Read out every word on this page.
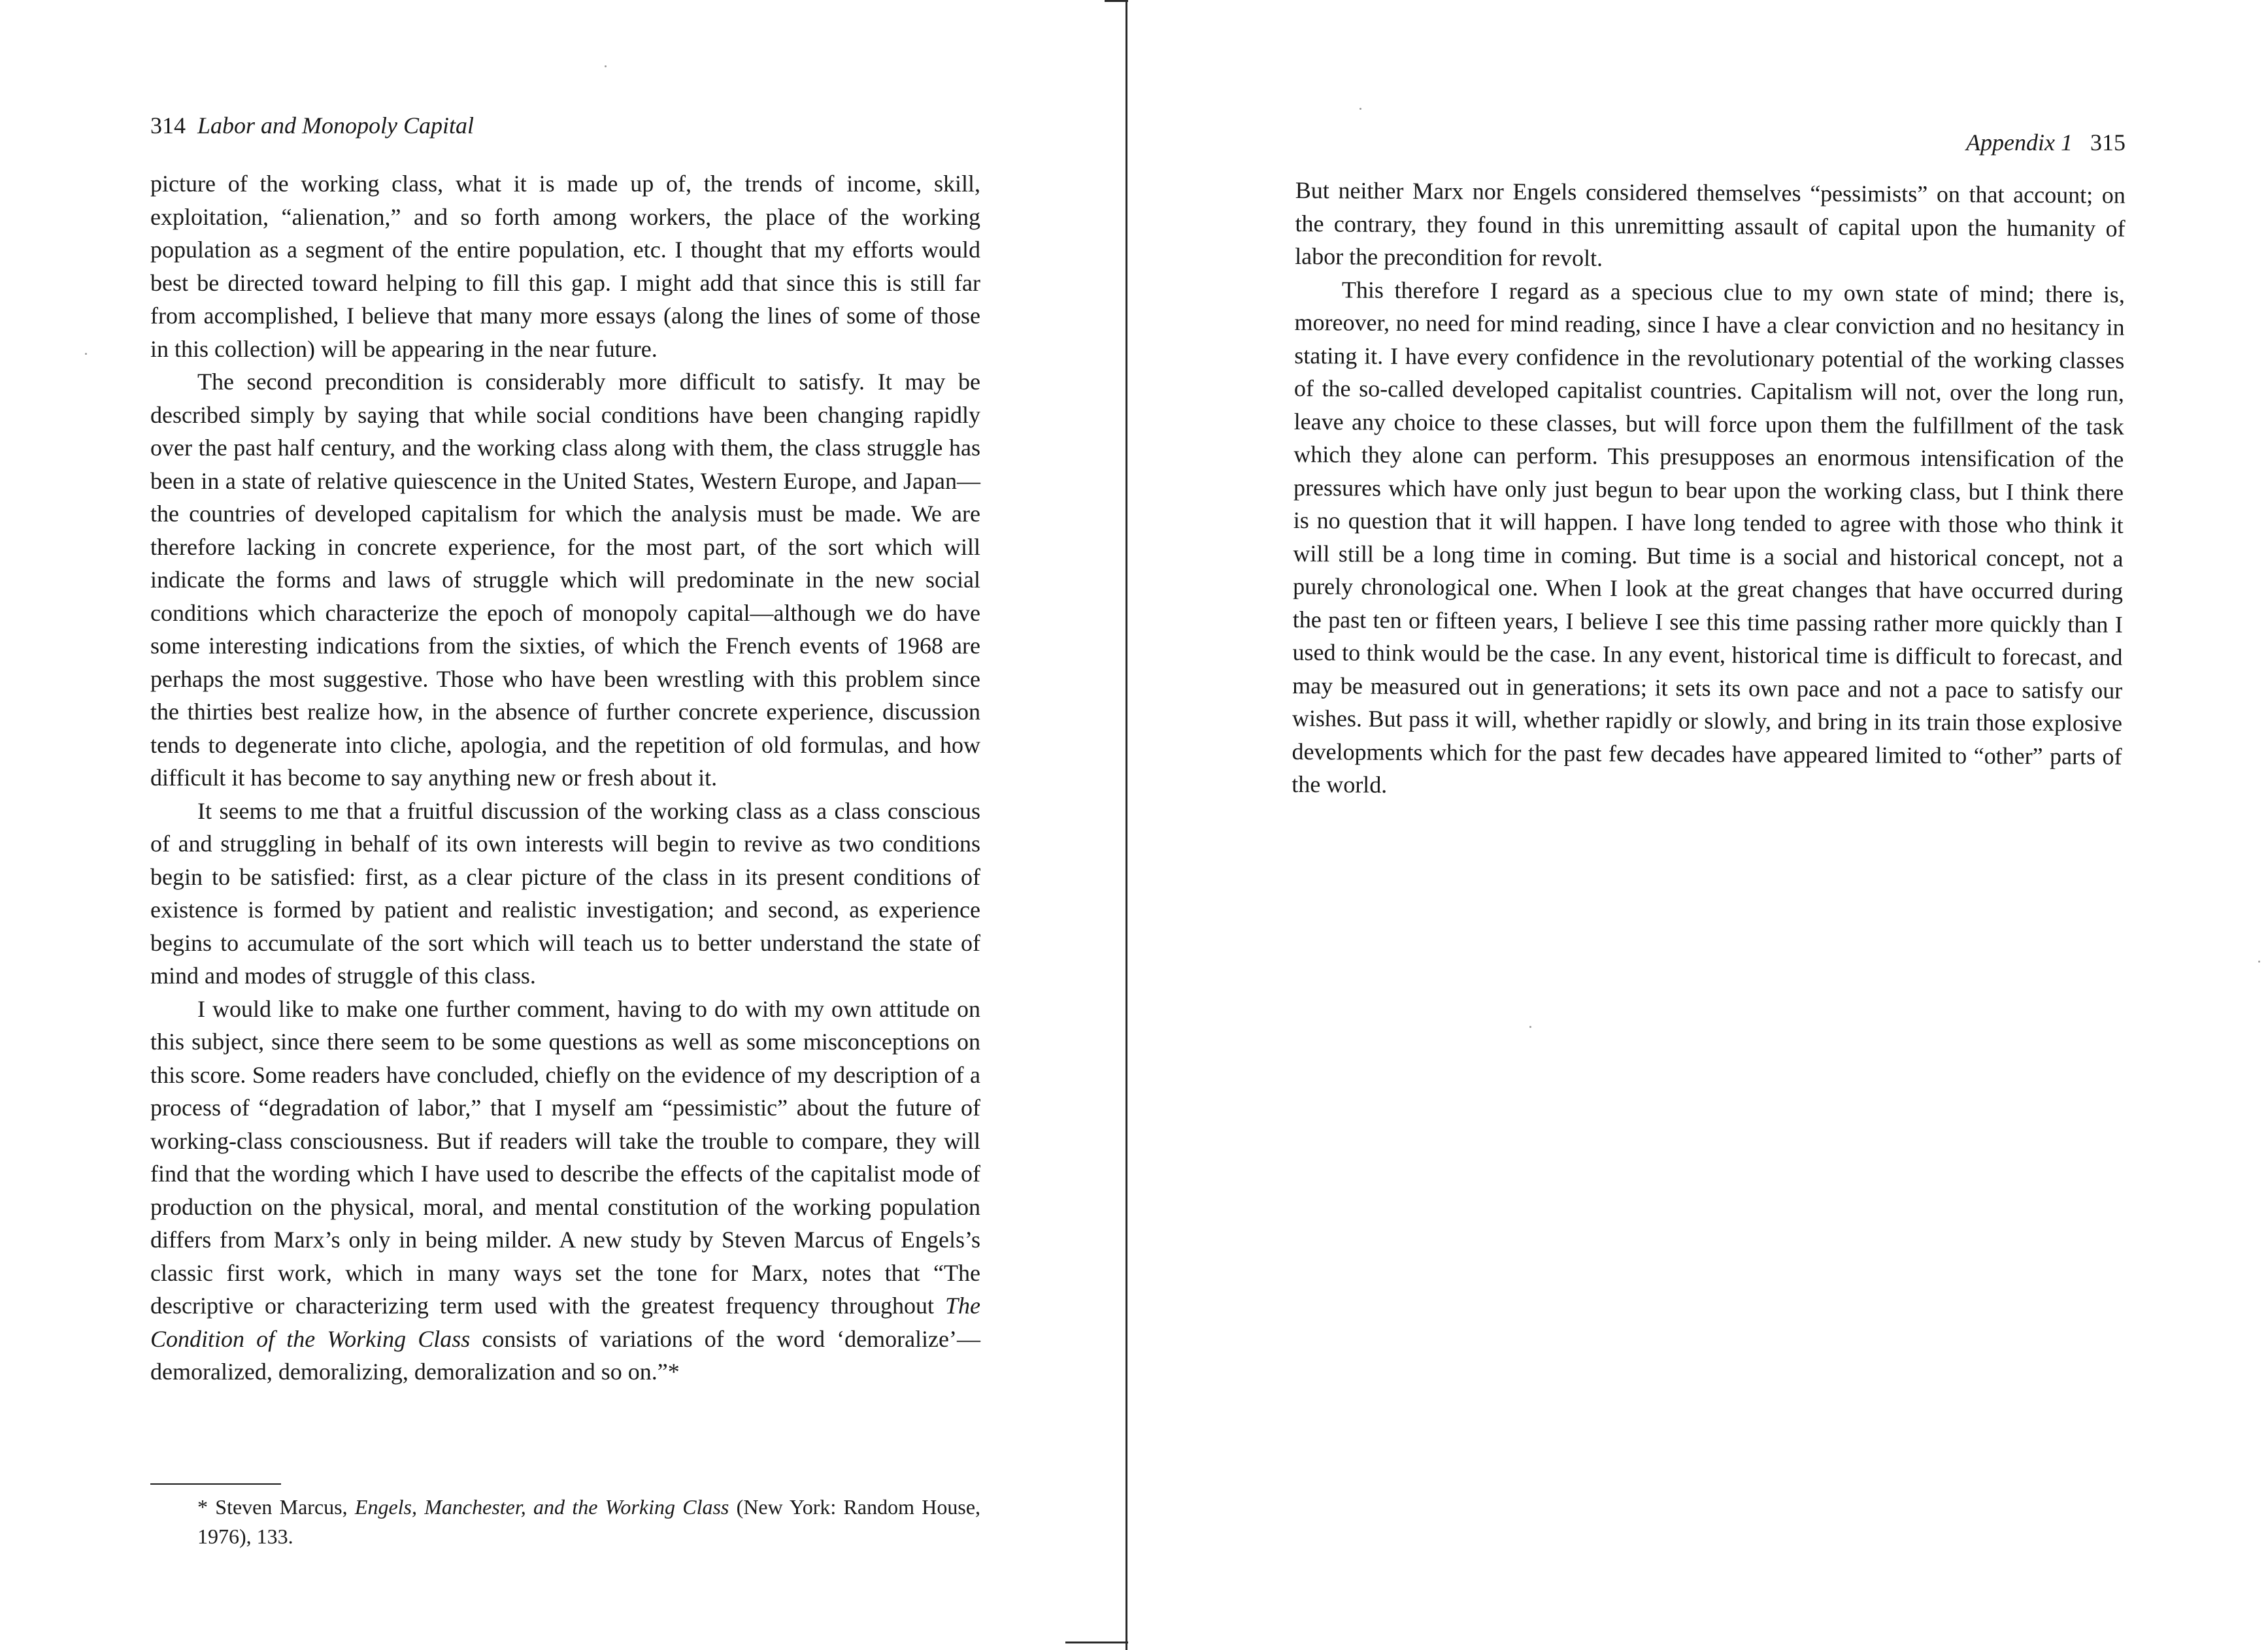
314 Labor and Monopoly Capital

picture of the working class, what it is made up of, the trends of income, skill, exploitation, “alienation,” and so forth among workers, the place of the working population as a segment of the entire population, etc. I thought that my efforts would best be directed toward helping to fill this gap. I might add that since this is still far from accomplished, I believe that many more essays (along the lines of some of those in this collection) will be appearing in the near future.

The second precondition is considerably more difficult to satisfy. It may be described simply by saying that while social conditions have been changing rapidly over the past half century, and the working class along with them, the class struggle has been in a state of relative quiescence in the United States, Western Europe, and Japan—the countries of developed capitalism for which the analysis must be made. We are therefore lacking in concrete experience, for the most part, of the sort which will indicate the forms and laws of struggle which will predominate in the new social conditions which characterize the epoch of monopoly capital—although we do have some interesting indications from the sixties, of which the French events of 1968 are perhaps the most suggestive. Those who have been wrestling with this problem since the thirties best realize how, in the absence of further concrete experience, discussion tends to degenerate into cliche, apologia, and the repetition of old formulas, and how difficult it has become to say anything new or fresh about it.

It seems to me that a fruitful discussion of the working class as a class conscious of and struggling in behalf of its own interests will begin to revive as two conditions begin to be satisfied: first, as a clear picture of the class in its present conditions of existence is formed by patient and realistic investigation; and second, as experience begins to accumulate of the sort which will teach us to better understand the state of mind and modes of struggle of this class.

I would like to make one further comment, having to do with my own attitude on this subject, since there seem to be some questions as well as some misconceptions on this score. Some readers have concluded, chiefly on the evidence of my description of a process of “degradation of labor,” that I myself am “pessimistic” about the future of working-class consciousness. But if readers will take the trouble to compare, they will find that the wording which I have used to describe the effects of the capitalist mode of production on the physical, moral, and mental constitution of the working population differs from Marx’s only in being milder. A new study by Steven Marcus of Engels’s classic first work, which in many ways set the tone for Marx, notes that “The descriptive or characterizing term used with the greatest frequency throughout The Condition of the Working Class consists of variations of the word ‘demoralize’—demoralized, demoralizing, demoralization and so on.”*

* Steven Marcus, Engels, Manchester, and the Working Class (New York: Random House, 1976), 133.
Appendix 1 315

But neither Marx nor Engels considered themselves “pessimists” on that account; on the contrary, they found in this unremitting assault of capital upon the humanity of labor the precondition for revolt.

This therefore I regard as a specious clue to my own state of mind; there is, moreover, no need for mind reading, since I have a clear conviction and no hesitancy in stating it. I have every confidence in the revolutionary potential of the working classes of the so-called developed capitalist countries. Capitalism will not, over the long run, leave any choice to these classes, but will force upon them the fulfillment of the task which they alone can perform. This presupposes an enormous intensification of the pressures which have only just begun to bear upon the working class, but I think there is no question that it will happen. I have long tended to agree with those who think it will still be a long time in coming. But time is a social and historical concept, not a purely chronological one. When I look at the great changes that have occurred during the past ten or fifteen years, I believe I see this time passing rather more quickly than I used to think would be the case. In any event, historical time is difficult to forecast, and may be measured out in generations; it sets its own pace and not a pace to satisfy our wishes. But pass it will, whether rapidly or slowly, and bring in its train those explosive developments which for the past few decades have appeared limited to “other” parts of the world.
